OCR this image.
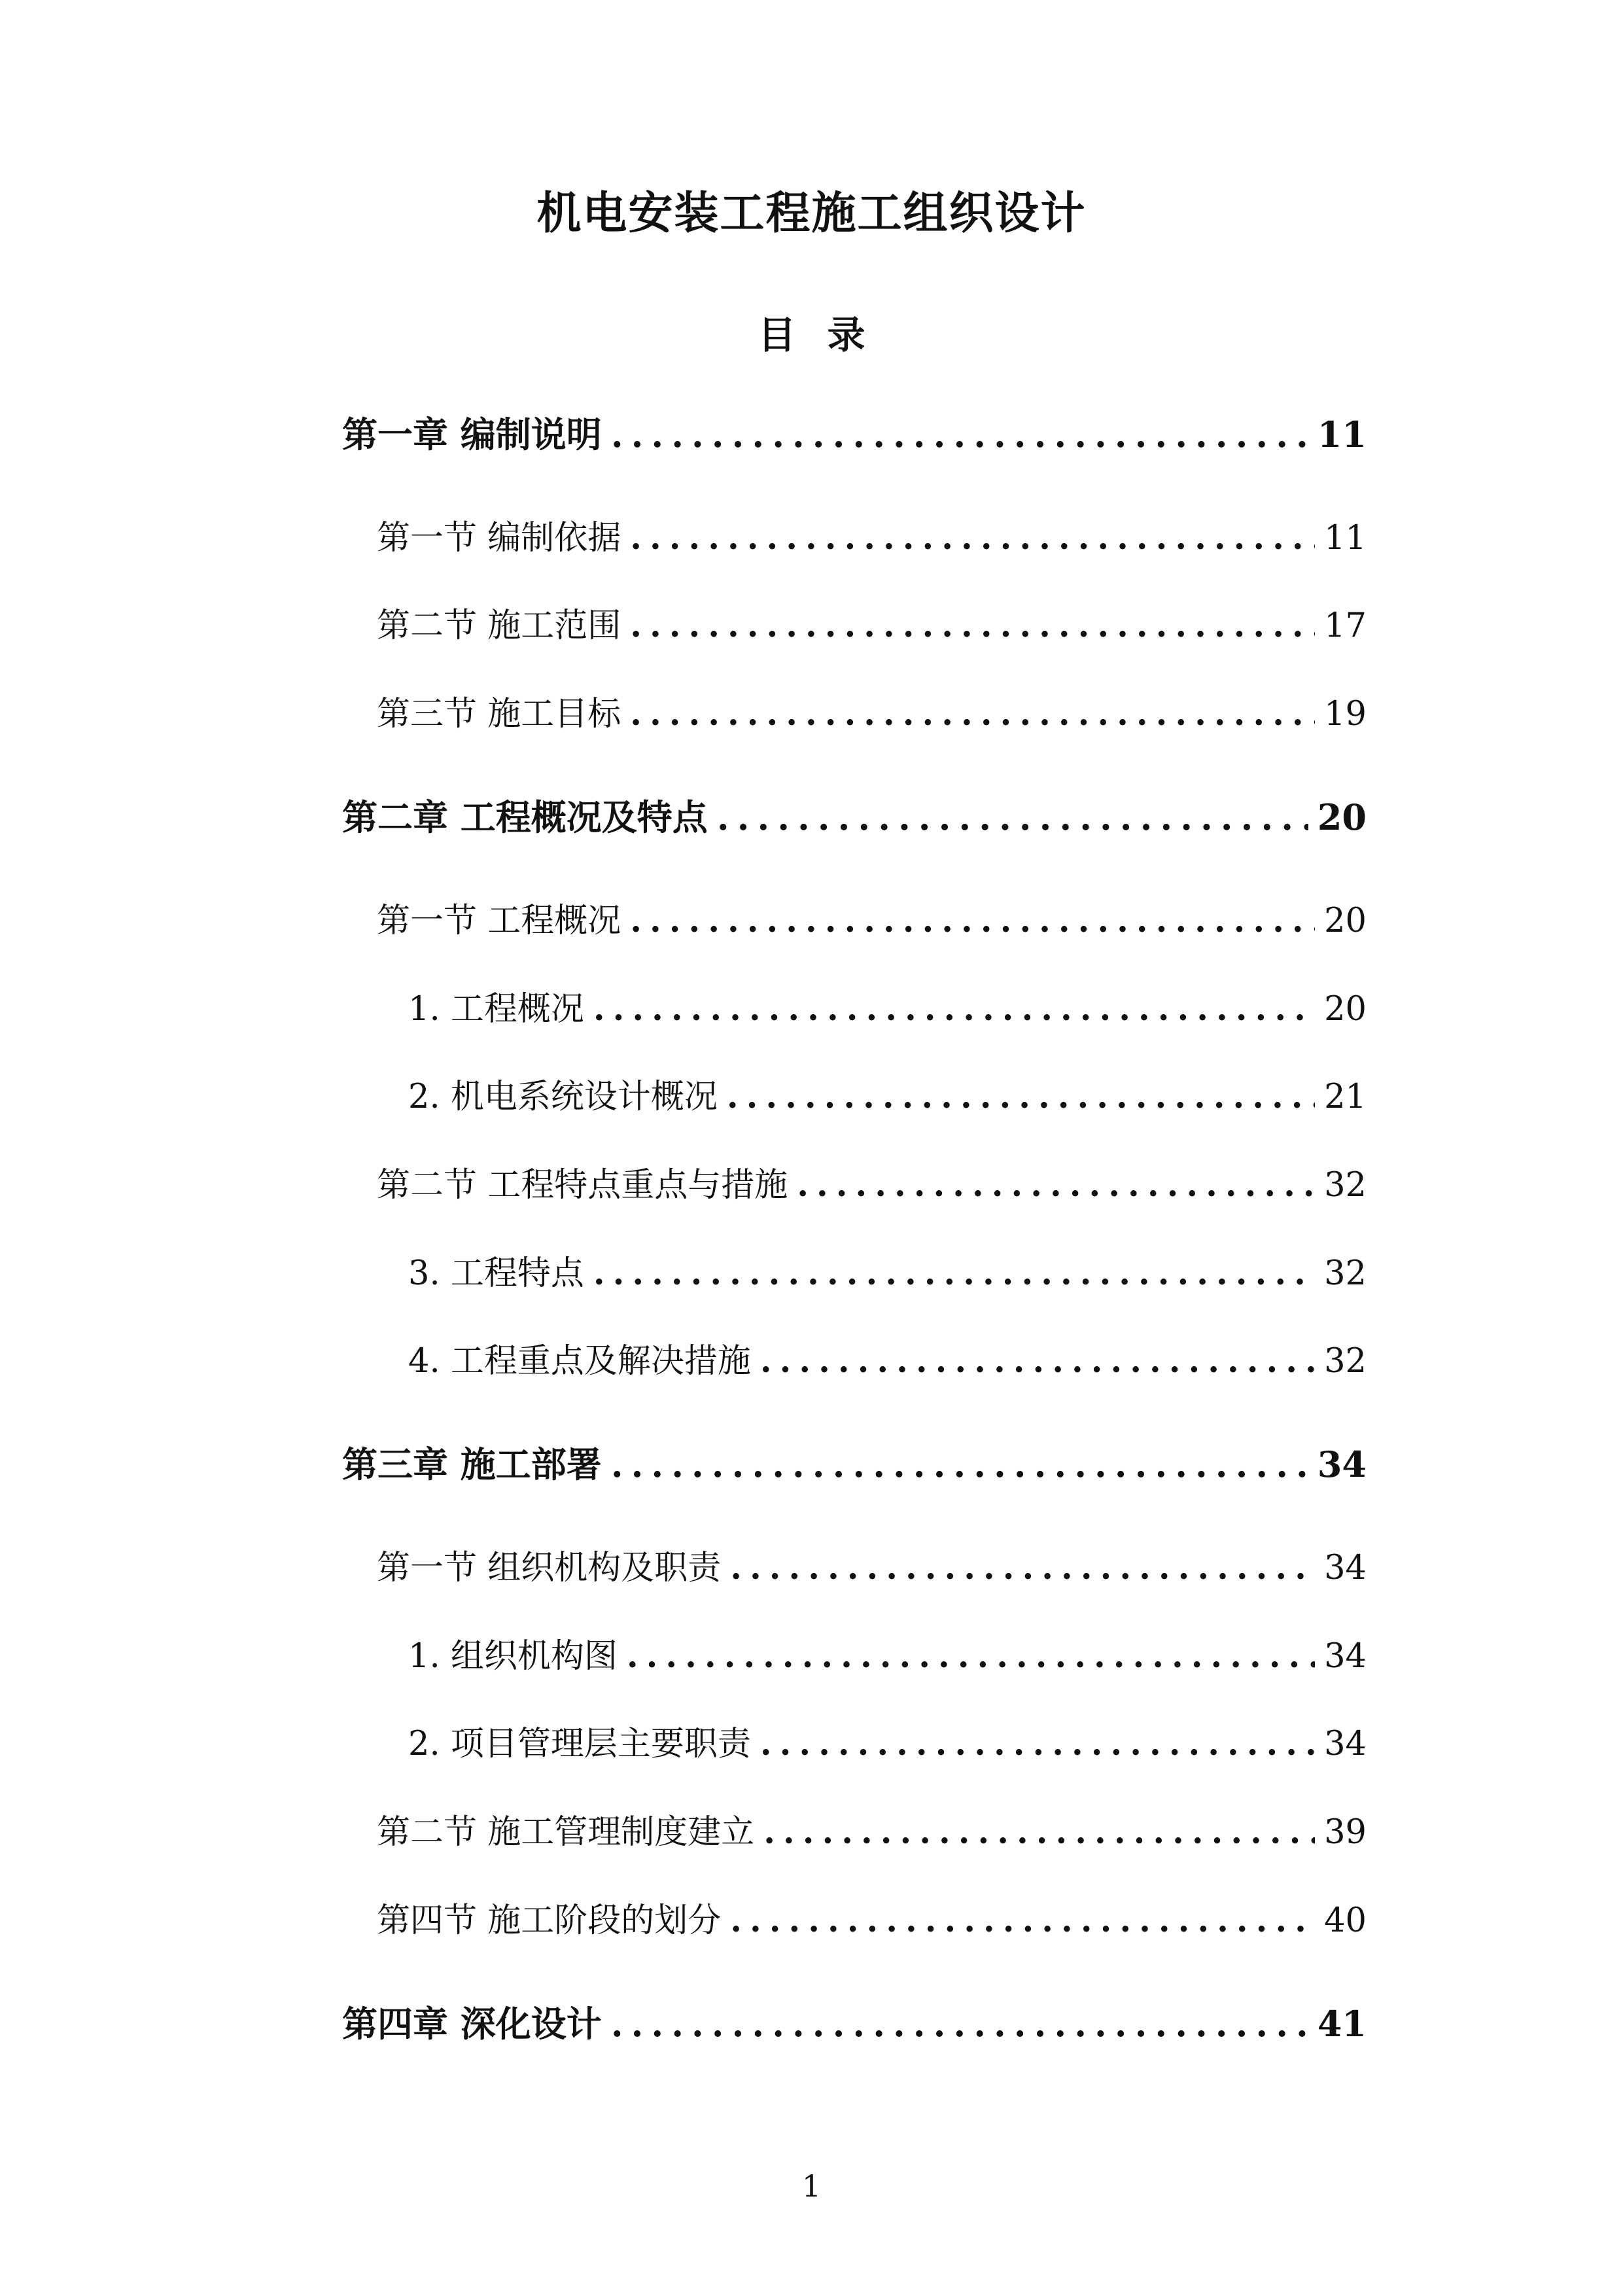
机电安装工程施工组织设计
目 录
第一章 编制说明 .....	11
第一节 编制依据 .....	11
第二节 施工范围 .....	17
第三节 施工目标 .....	19
第二章 工程概况及特点 .....	20
第一节 工程概况 .....	20
1. 工程概况 .....	20
2. 机电系统设计概况 .....	21
第二节 工程特点重点与措施 .....	32
3. 工程特点 .....	32
4. 工程重点及解决措施 .....	32
第三章 施工部署 .....	34
第一节 组织机构及职责 .....	34
1. 组织机构图 .....	34
2. 项目管理层主要职责 .....	34
第二节 施工管理制度建立 .....	39
第四节 施工阶段的划分 .....	40
第四章 深化设计 .....	41
1
